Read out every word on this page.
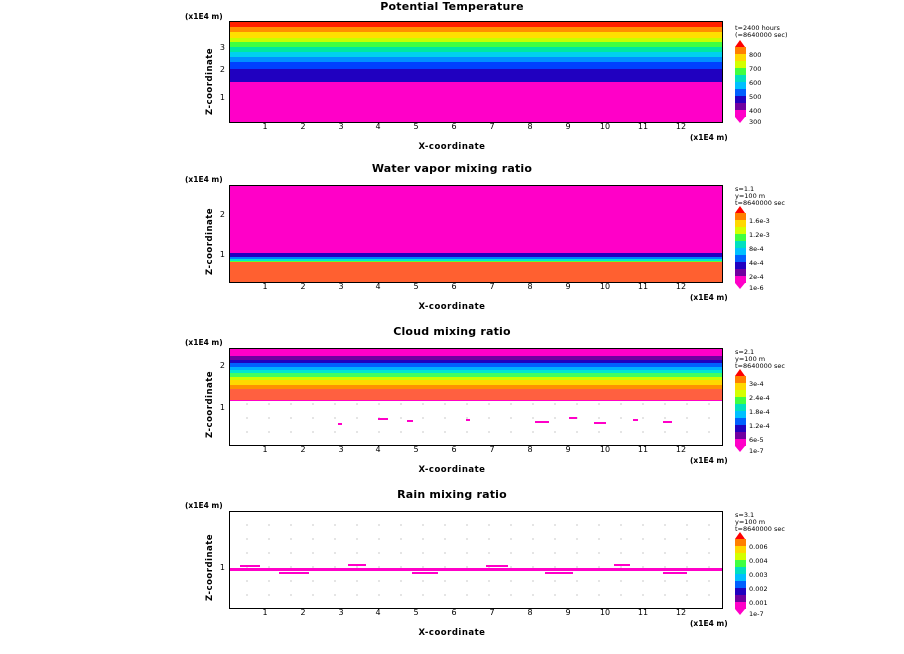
Potential Temperature
(x1E4 m)
Z-coordinate
3
2
1
1	2	3	4	5	6	7	8	9	10	11	12
(x1E4 m)
X-coordinate
t=2400 hours
(=8640000 sec)
800
700
600
500
400
300
Water vapor mixing ratio
(x1E4 m)
Z-coordinate 2
1
1	2	3	4	5	6	7	8	9	10	11	12
(x1E4 m)
X-coordinate
s=1.1
y=100 m
t=8640000 sec
1.6e-3
1.2e-3
8e-4
4e-4
2e-4
1e-6
Cloud mixing ratio
(x1E4 m)
Z-coordinate
2
1
1	2	3	4	5	6	7	8	9	10	11	12
(x1E4 m)
X-coordinate
s=2.1
y=100 m
t=8640000 sec
3e-4
2.4e-4
1.8e-4
1.2e-4
6e-5
1e-7
Rain mixing ratio
(x1E4 m)
Z-coordinate 1
1	2	3	4	5	6	7	8	9	10	11	12
(x1E4 m)
X-coordinate
s=3.1
y=100 m
t=8640000 sec
0.006
0.004
0.003
0.002
0.001
1e-7
